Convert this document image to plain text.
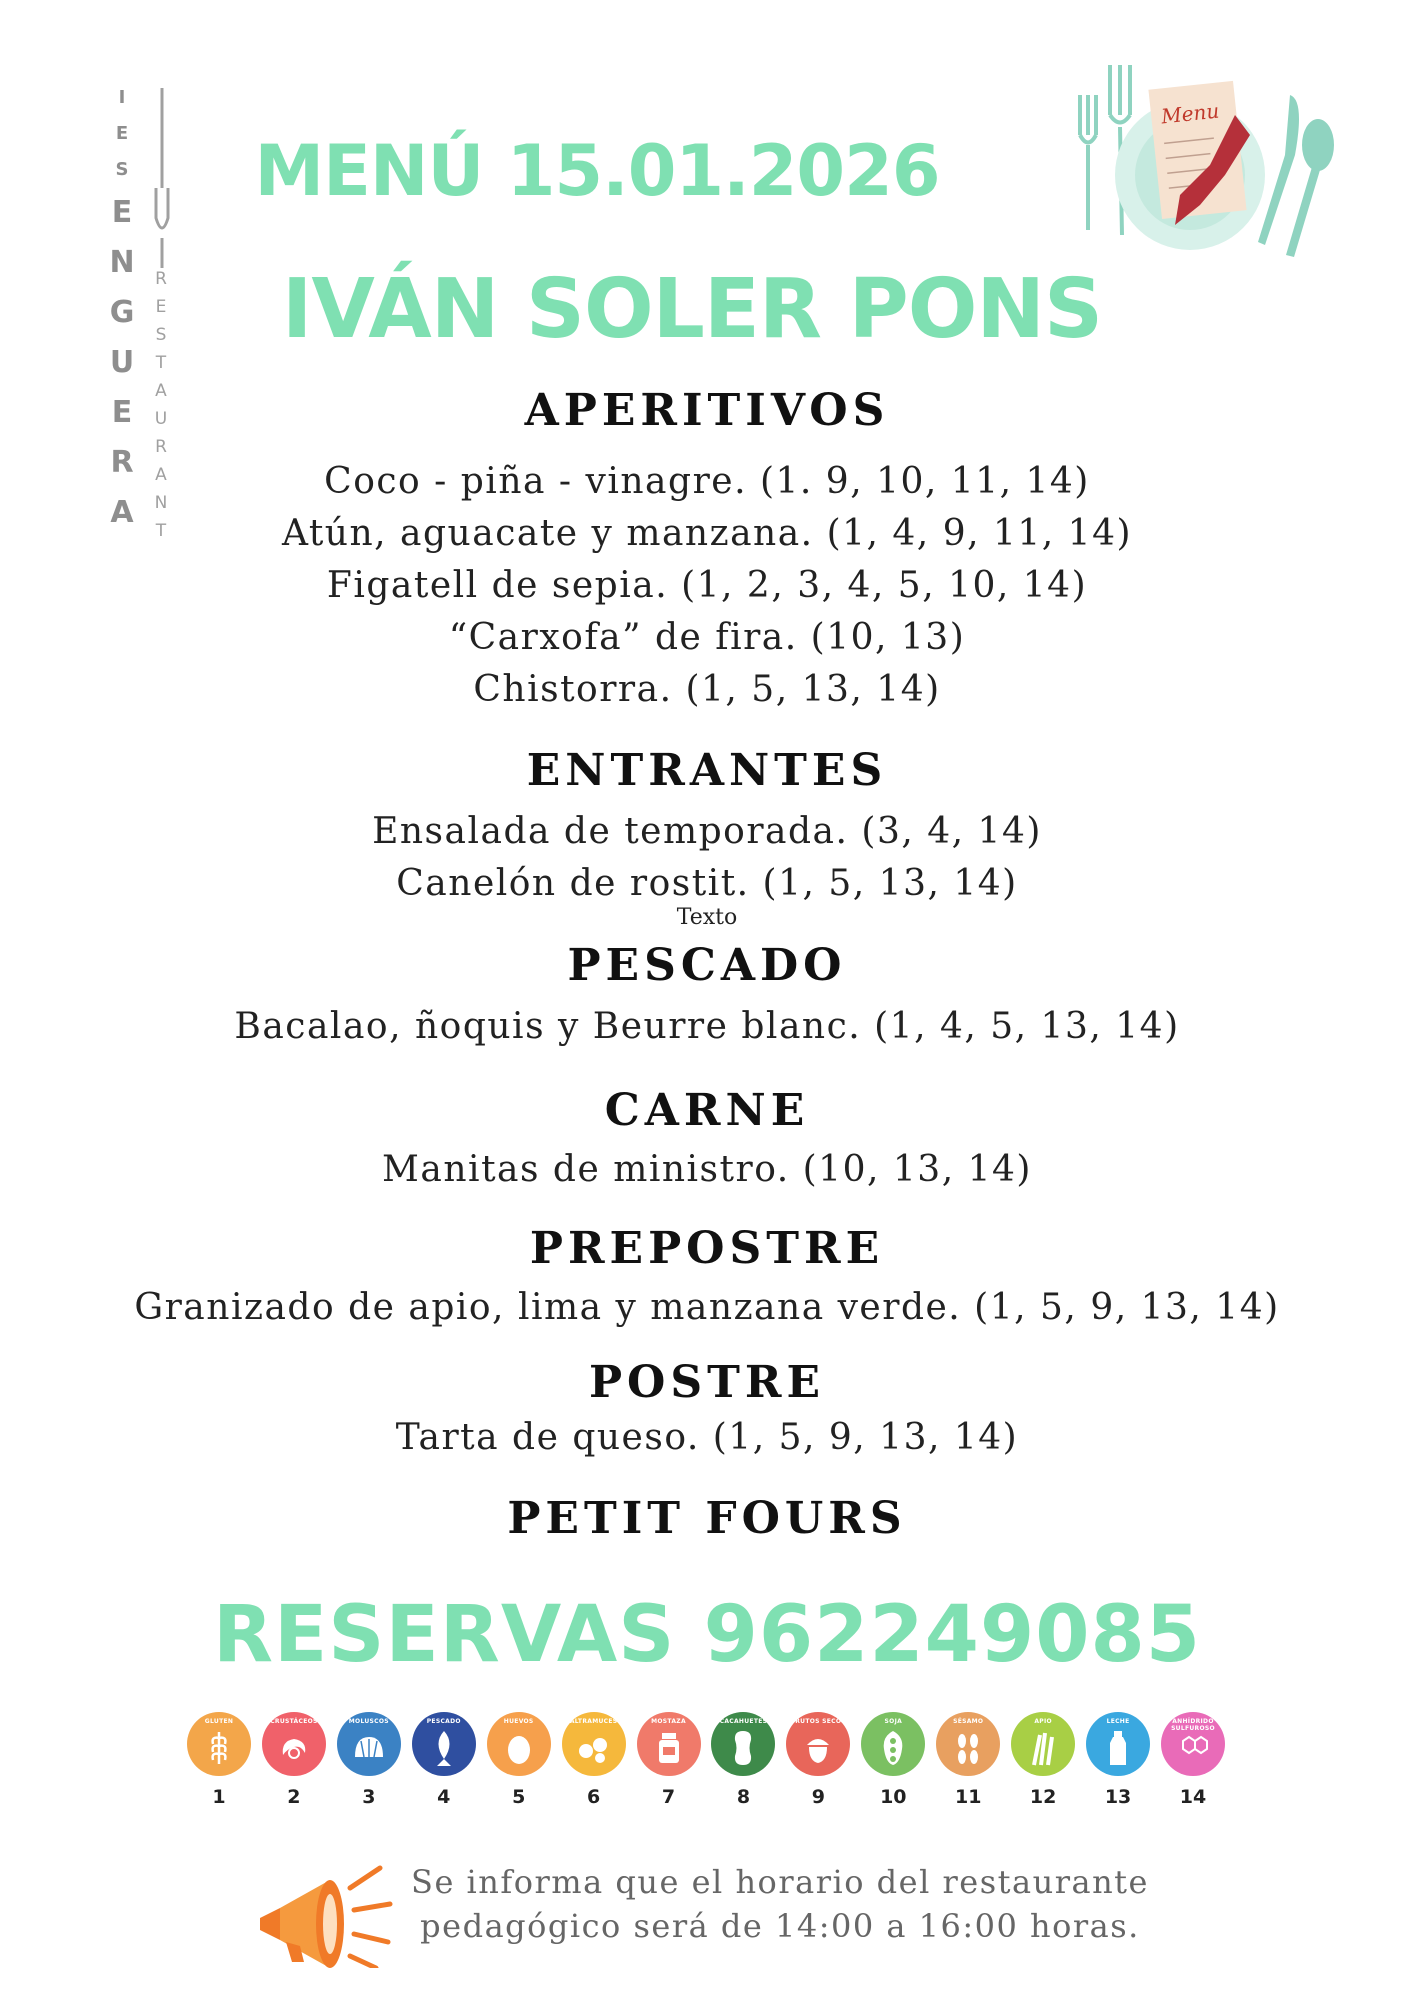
I
E
S
E
N
G
U
E
R
A
R
E
S
T
A
U
R
A
N
T
Menu
MENÚ 15.01.2026
IVÁN SOLER PONS
APERITIVOS

Coco - piña - vinagre. (1. 9, 10, 11, 14)

Atún, aguacate y manzana. (1, 4, 9, 11, 14)

Figatell de sepia. (1, 2, 3, 4, 5, 10, 14)

“Carxofa” de fira. (10, 13)

Chistorra. (1, 5, 13, 14)

ENTRANTES

Ensalada de temporada. (3, 4, 14)

Canelón de rostit. (1, 5, 13, 14)

Texto
PESCADO

Bacalao, ñoquis y Beurre blanc. (1, 4, 5, 13, 14)

CARNE

Manitas de ministro. (10, 13, 14)

PREPOSTRE

Granizado de apio, lima y manzana verde. (1, 5, 9, 13, 14)

POSTRE

Tarta de queso. (1, 5, 9, 13, 14)

PETIT FOURS
RESERVAS 962249085
GLUTEN
1
CRUSTÁCEOS
2
MOLUSCOS
3
PESCADO
4
HUEVOS
5
ALTRAMUCES
6
MOSTAZA
7
CACAHUETES
8
FRUTOS SECOS
9
SOJA
10
SÉSAMO
11
APIO
12
LECHE
13
ANHÍDRIDO SULFUROSO
14
Se informa que el horario del restaurante
pedagógico será de 14:00 a 16:00 horas.
